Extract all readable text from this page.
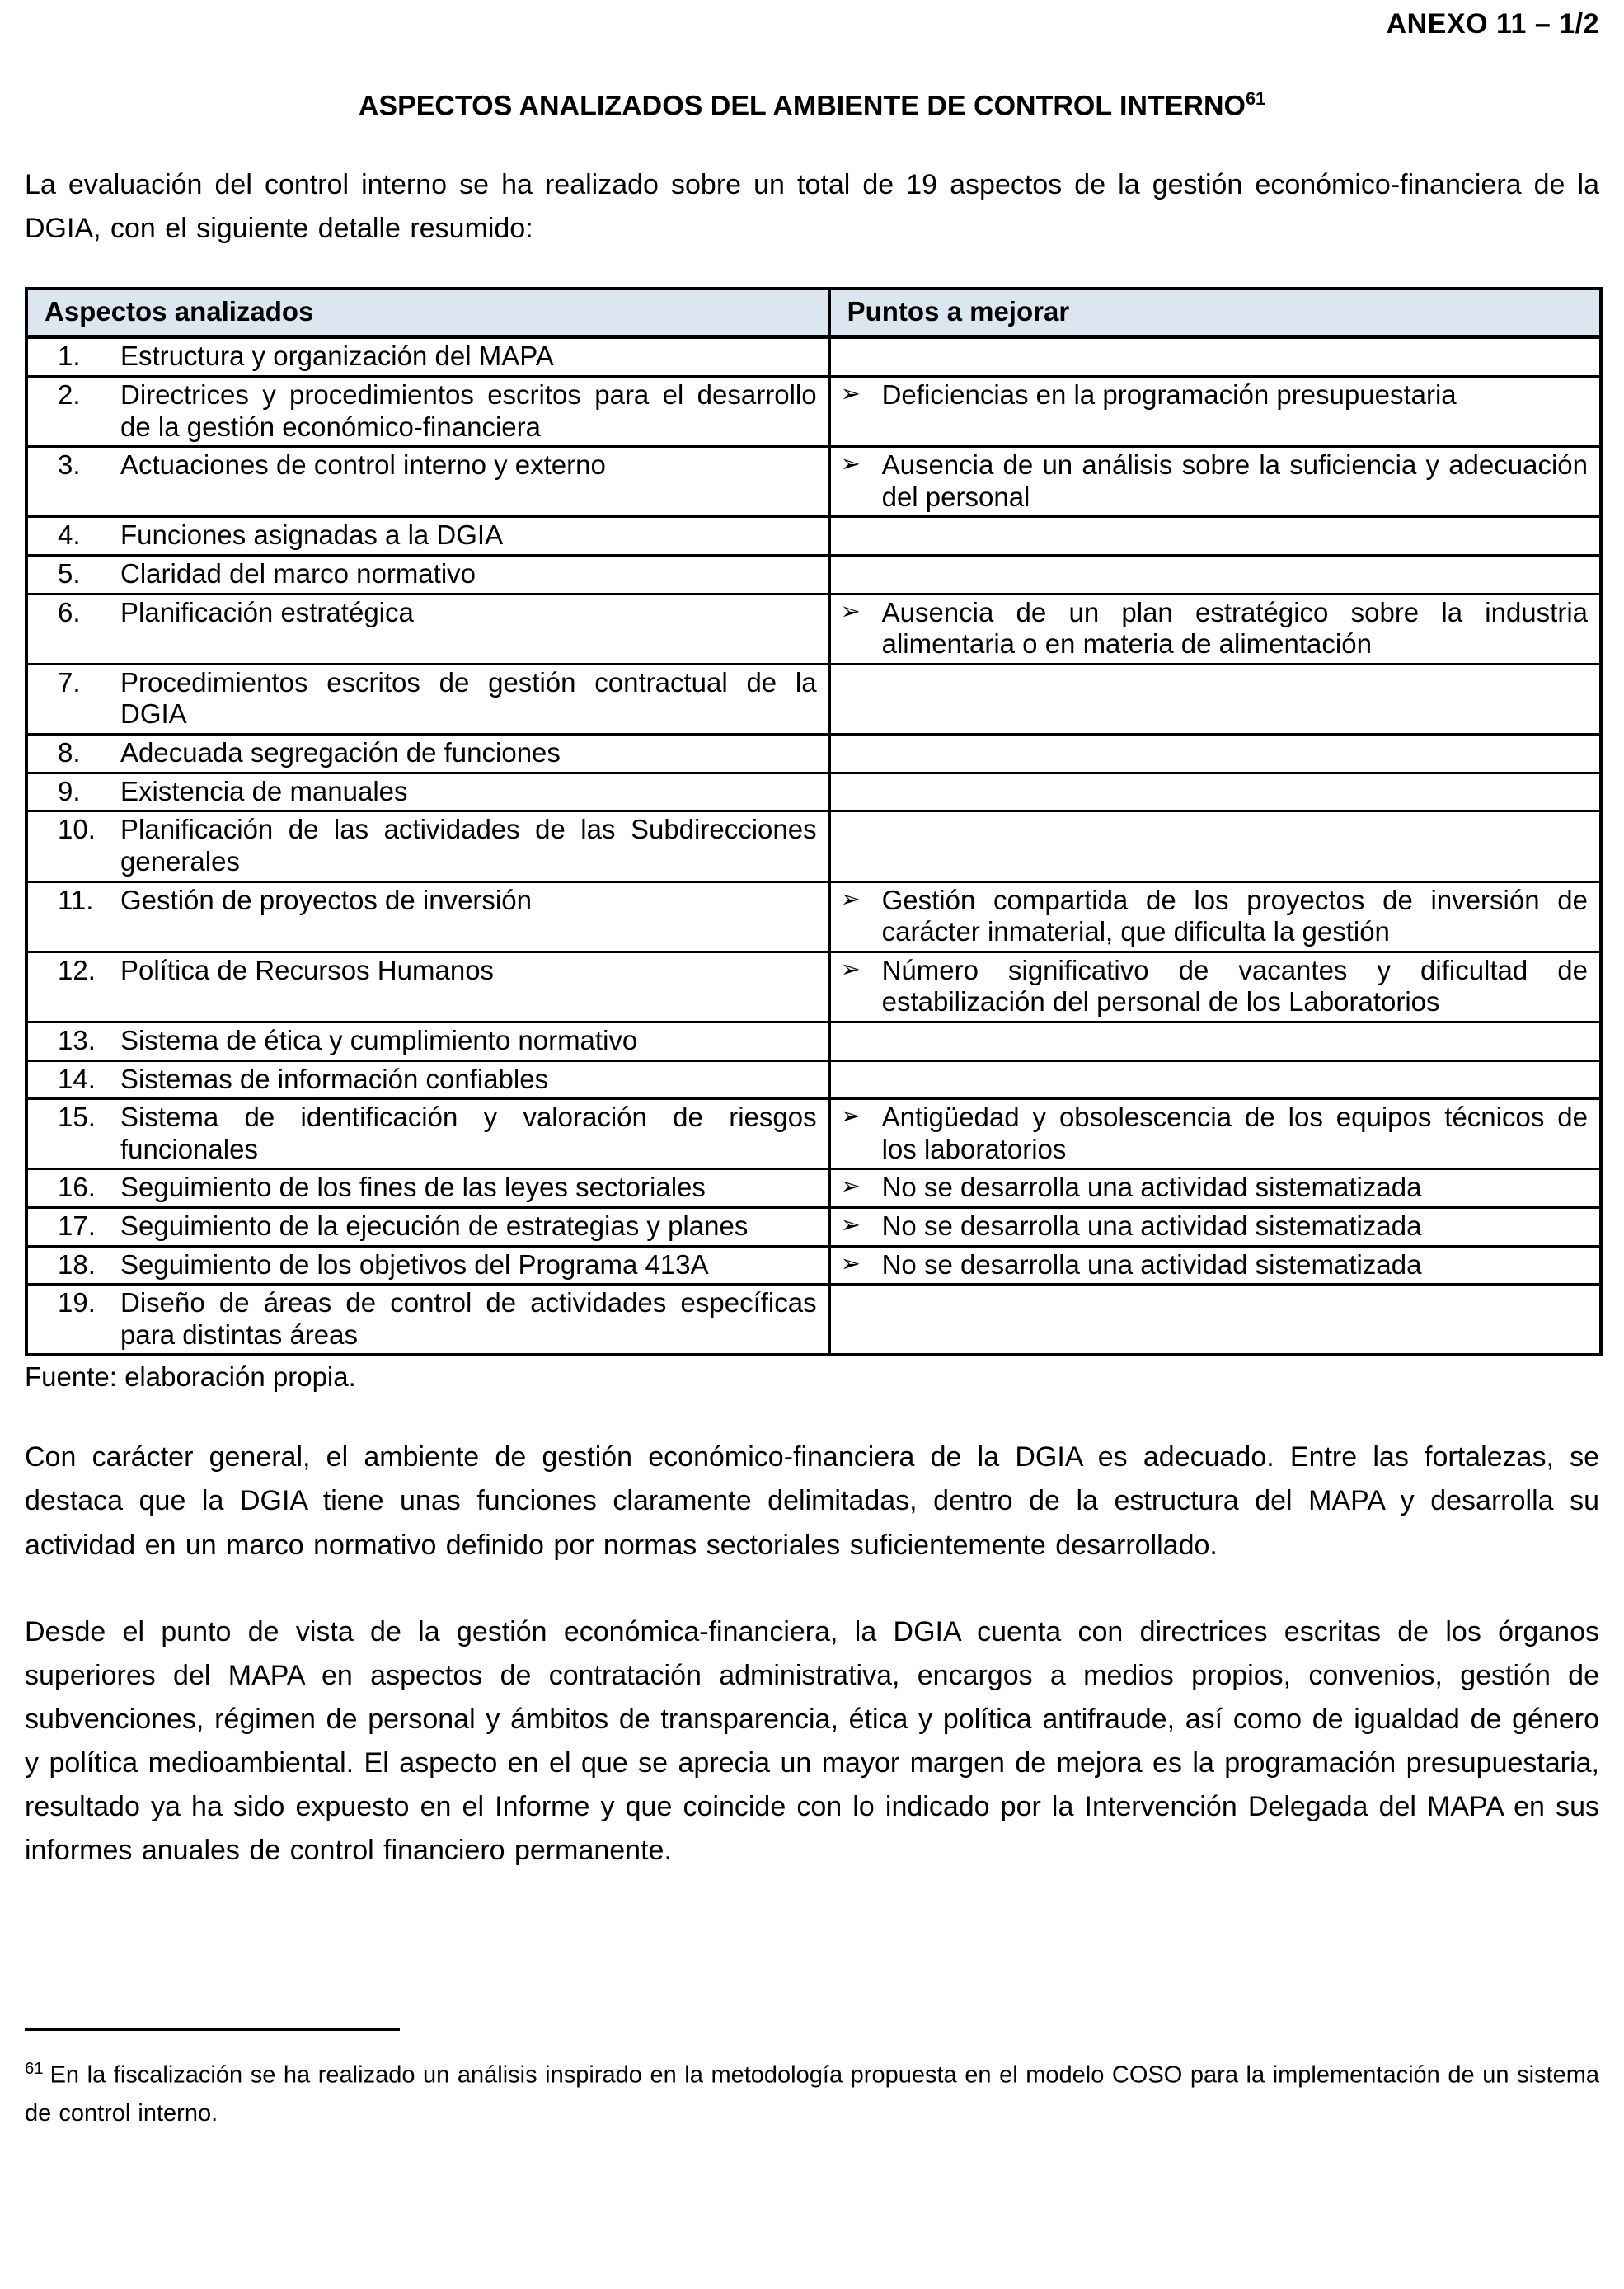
ANEXO 11 – 1/2
ASPECTOS ANALIZADOS DEL AMBIENTE DE CONTROL INTERNO$^{61}$
La evaluación del control interno se ha realizado sobre un total de 19 aspectos de la gestión económico-financiera de la DGIA, con el siguiente detalle resumido:
Aspectos analizados	Puntos a mejorar

1. Estructura y organización del MAPA	

2. Directrices y procedimientos escritos para el desarrollo de la gestión económico-financiera	➢ Deficiencias en la programación presupuestaria

3. Actuaciones de control interno y externo	➢ Ausencia de un análisis sobre la suficiencia y adecuación del personal

4. Funciones asignadas a la DGIA	

5. Claridad del marco normativo	

6. Planificación estratégica	➢ Ausencia de un plan estratégico sobre la industria alimentaria o en materia de alimentación

7. Procedimientos escritos de gestión contractual de la DGIA	

8. Adecuada segregación de funciones	

9. Existencia de manuales	

10. Planificación de las actividades de las Subdirecciones generales	

11. Gestión de proyectos de inversión	➢ Gestión compartida de los proyectos de inversión de carácter inmaterial, que dificulta la gestión

12. Política de Recursos Humanos	➢ Número significativo de vacantes y dificultad de estabilización del personal de los Laboratorios

13. Sistema de ética y cumplimiento normativo	

14. Sistemas de información confiables	

15. Sistema de identificación y valoración de riesgos funcionales	➢ Antigüedad y obsolescencia de los equipos técnicos de los laboratorios

16. Seguimiento de los fines de las leyes sectoriales	➢ No se desarrolla una actividad sistematizada

17. Seguimiento de la ejecución de estrategias y planes	➢ No se desarrolla una actividad sistematizada

18. Seguimiento de los objetivos del Programa 413A	➢ No se desarrolla una actividad sistematizada

19. Diseño de áreas de control de actividades específicas para distintas áreas	

Fuente: elaboración propia.
Con carácter general, el ambiente de gestión económico-financiera de la DGIA es adecuado. Entre las fortalezas, se destaca que la DGIA tiene unas funciones claramente delimitadas, dentro de la estructura del MAPA y desarrolla su actividad en un marco normativo definido por normas sectoriales suficientemente desarrollado.
Desde el punto de vista de la gestión económica-financiera, la DGIA cuenta con directrices escritas de los órganos superiores del MAPA en aspectos de contratación administrativa, encargos a medios propios, convenios, gestión de subvenciones, régimen de personal y ámbitos de transparencia, ética y política antifraude, así como de igualdad de género y política medioambiental. El aspecto en el que se aprecia un mayor margen de mejora es la programación presupuestaria, resultado ya ha sido expuesto en el Informe y que coincide con lo indicado por la Intervención Delegada del MAPA en sus informes anuales de control financiero permanente.
$^{61}$ En la fiscalización se ha realizado un análisis inspirado en la metodología propuesta en el modelo COSO para la implementación de un sistema de control interno.
